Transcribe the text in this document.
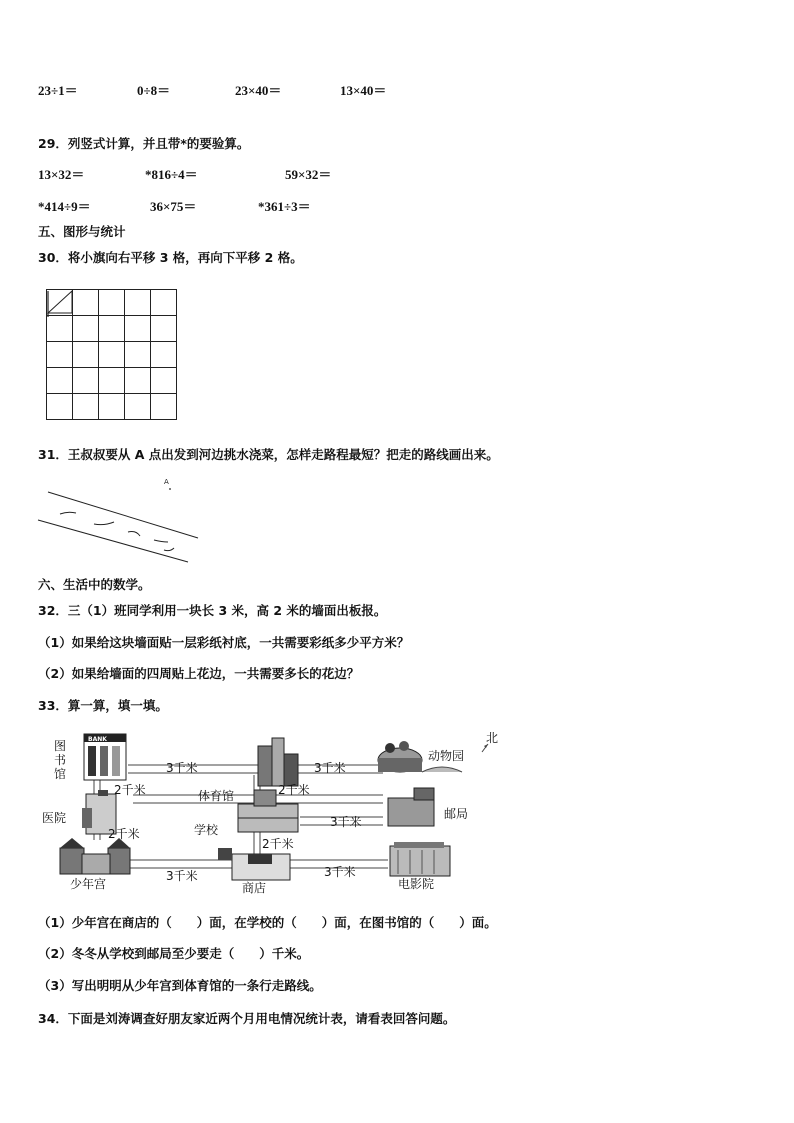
23÷1＝	0÷8＝	23×40＝	13×40＝
29．列竖式计算，并且带*的要验算。
13×32＝	*816÷4＝	59×32＝
*414÷9＝	36×75＝	*361÷3＝
五、图形与统计
30．将小旗向右平移 3 格，再向下平移 2 格。
31．王叔叔要从 A 点出发到河边挑水浇菜，怎样走路程最短？把走的路线画出来。
A
六、生活中的数学。
32．三（1）班同学利用一块长 3 米，高 2 米的墙面出板报。
（1）如果给这块墙面贴一层彩纸衬底，一共需要彩纸多少平方米？
（2）如果给墙面的四周贴上花边，一共需要多长的花边？
33．算一算，填一填。
BANK	北
图
书
馆
体育馆
动物园
医院
学校
邮局
少年宫	商店	电影院
3千米	3千米
2千米	2千米
2千米
3千米
2千米
3千米	3千米
（1）少年宫在商店的（　　）面，在学校的（　　）面，在图书馆的（　　）面。
（2）冬冬从学校到邮局至少要走（　　）千米。
（3）写出明明从少年宫到体育馆的一条行走路线。
34．下面是刘涛调查好朋友家近两个月用电情况统计表，请看表回答问题。
